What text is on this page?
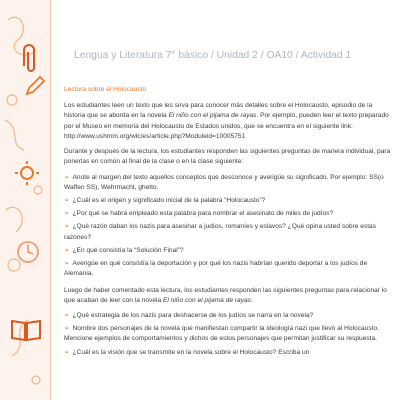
Lengua y Literatura 7° básico / Unidad 2 / OA10 / Actividad 1
Lectura sobre el Holocausto

Los estudiantes leen un texto que les sirva para conocer más detalles sobre el Holocausto, episodio de la historia que se aborda en la novela El niño con el pijama de rayas. Por ejemplo, pueden leer el texto preparado por el Museo en memoria del Holocausto de Estados unidos, que se encuentra en el siguiente link: http://www.ushmm.org/wlc/es/article.php?Moduleid=10005751

Durante y después de la lectura, los estudiantes responden las siguientes preguntas de manera individual, para ponerlas en común al final de la clase o en la clase siguiente:

➢ Anote al margen del texto aquellos conceptos que desconoce y averigüe su significado. Por ejemplo: SS(o Waffen SS), Wehrmacht, ghetto.
➢ ¿Cuál es el origen y significado inicial de la palabra “Holocausto”?
➢ ¿Por qué se habrá empleado esta palabra para nombrar el asesinato de miles de judíos?
➢ ¿Qué razón daban los nazis para asesinar a judíos, romaníes y eslavos? ¿Qué opina usted sobre estas razones?
➢ ¿En qué consistía la “Solución Final”?
➢ Averigüe en qué consistía la deportación y por qué los nazis habrían querido deportar a los judíos de Alemania.

Luego de haber comentado esta lectura, los estudiantes responden las siguientes preguntas para relacionar lo que acaban de leer con la novela El niño con el pijama de rayas:

➢ ¿Qué estrategia de los nazis para deshacerse de los judíos se narra en la novela?
➢ Nombre dos personajes de la novela que manifiestan compartir la ideología nazi que llevó al Holocausto. Mencione ejemplos de comportamientos y dichos de estos personajes que permitan justificar su respuesta.
➢ ¿Cuál es la visión que se transmite en la novela sobre el Holocausto? Escriba un
